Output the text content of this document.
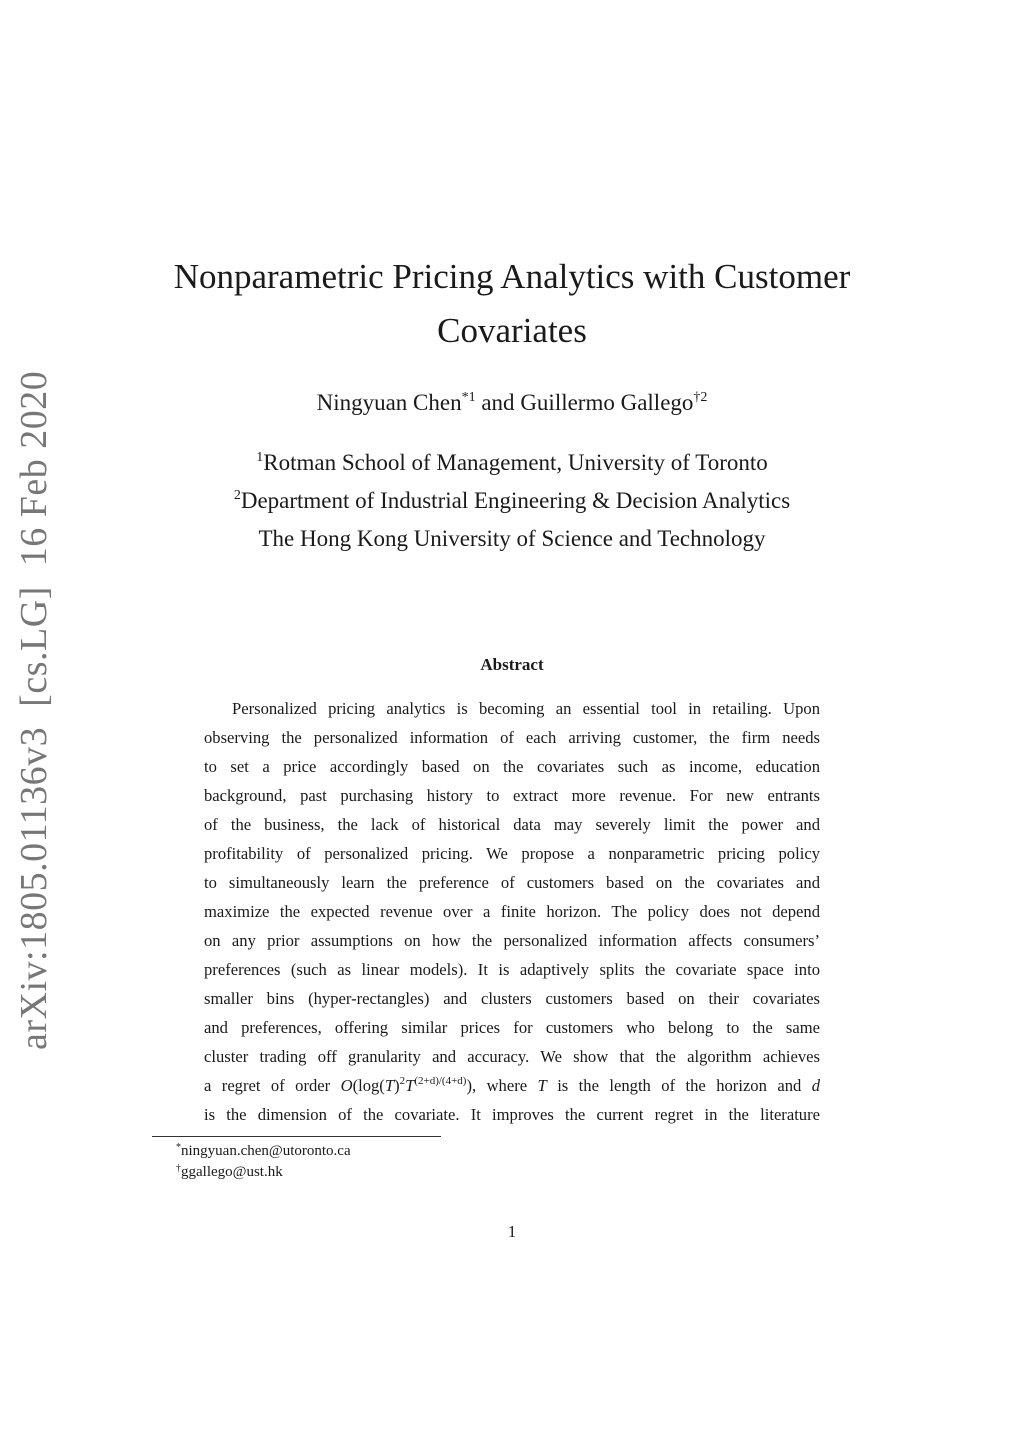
arXiv:1805.01136v3  [cs.LG]  16 Feb 2020
Nonparametric Pricing Analytics with Customer
Covariates
Ningyuan Chen$^{*1}$ and Guillermo Gallego$^{\dagger 2}$
$^1$Rotman School of Management, University of Toronto
$^2$Department of Industrial Engineering & Decision Analytics
The Hong Kong University of Science and Technology
Abstract
Personalized pricing analytics is becoming an essential tool in retailing. Upon
observing the personalized information of each arriving customer, the firm needs
to set a price accordingly based on the covariates such as income, education
background, past purchasing history to extract more revenue. For new entrants
of the business, the lack of historical data may severely limit the power and
profitability of personalized pricing. We propose a nonparametric pricing policy
to simultaneously learn the preference of customers based on the covariates and
maximize the expected revenue over a finite horizon. The policy does not depend
on any prior assumptions on how the personalized information affects consumers’
preferences (such as linear models). It is adaptively splits the covariate space into
smaller bins (hyper-rectangles) and clusters customers based on their covariates
and preferences, offering similar prices for customers who belong to the same
cluster trading off granularity and accuracy. We show that the algorithm achieves
a regret of order $O(\log(T)^2T^{(2+d)/(4+d)})$, where T is the length of the horizon and d
is the dimension of the covariate. It improves the current regret in the literature
*ningyuan.chen@utoronto.ca
†ggallego@ust.hk
1
